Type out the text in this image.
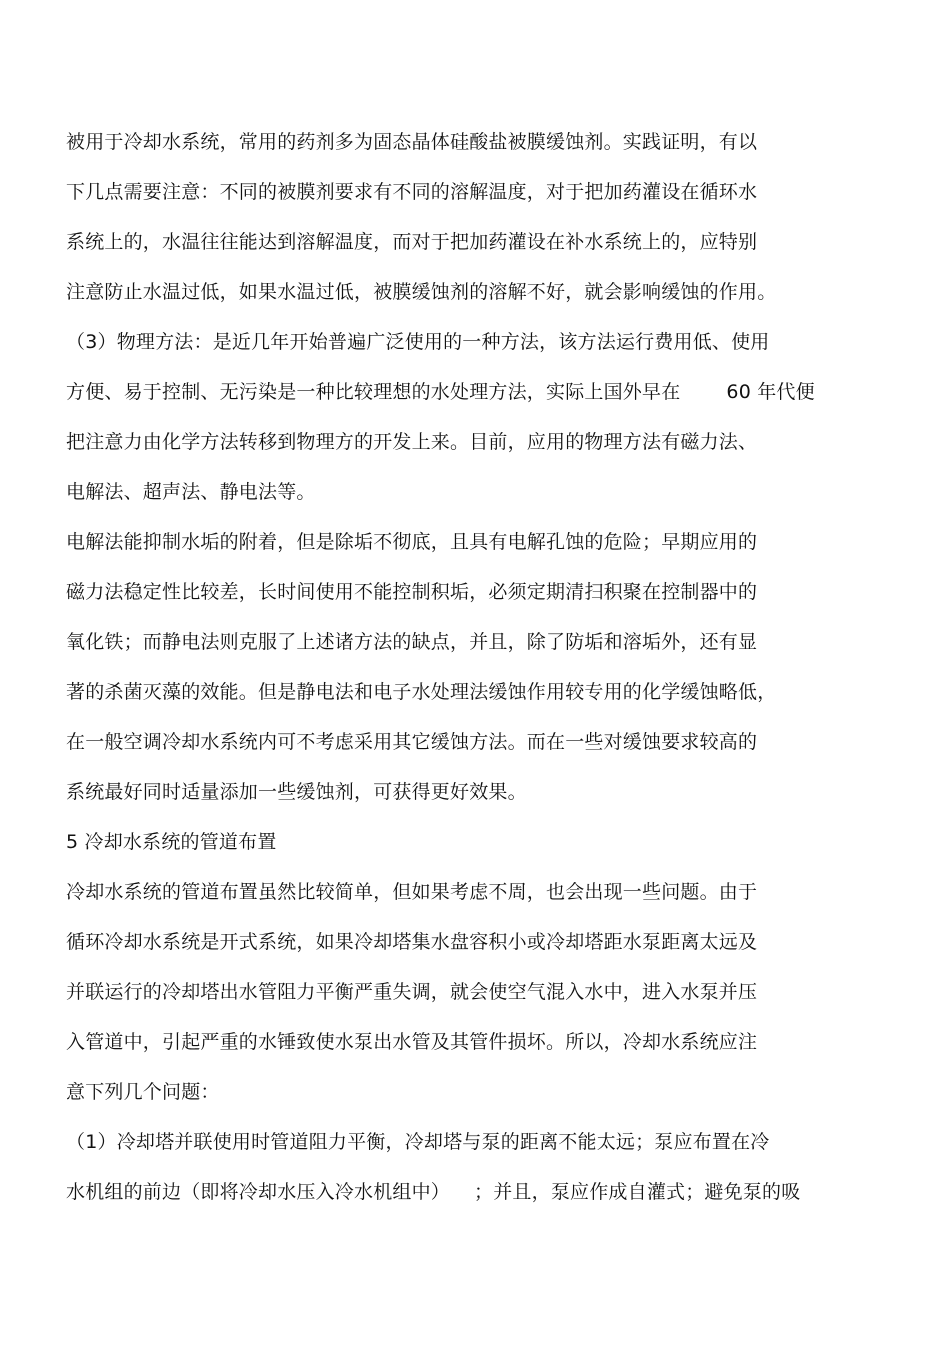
被用于冷却水系统，常用的药剂多为固态晶体硅酸盐被膜缓蚀剂。实践证明，有以
下几点需要注意：不同的被膜剂要求有不同的溶解温度，对于把加药灌设在循环水
系统上的，水温往往能达到溶解温度，而对于把加药灌设在补水系统上的，应特别
注意防止水温过低，如果水温过低，被膜缓蚀剂的溶解不好，就会影响缓蚀的作用。
（3）物理方法：是近几年开始普遍广泛使用的一种方法，该方法运行费用低、使用
方便、易于控制、无污染是一种比较理想的水处理方法，实际上国外早在 60 年代便
把注意力由化学方法转移到物理方的开发上来。目前，应用的物理方法有磁力法、
电解法、超声法、静电法等。
电解法能抑制水垢的附着，但是除垢不彻底，且具有电解孔蚀的危险；早期应用的
磁力法稳定性比较差，长时间使用不能控制积垢，必须定期清扫积聚在控制器中的
氧化铁；而静电法则克服了上述诸方法的缺点，并且，除了防垢和溶垢外，还有显
著的杀菌灭藻的效能。但是静电法和电子水处理法缓蚀作用较专用的化学缓蚀略低，
在一般空调冷却水系统内可不考虑采用其它缓蚀方法。而在一些对缓蚀要求较高的
系统最好同时适量添加一些缓蚀剂，可获得更好效果。
5 冷却水系统的管道布置
冷却水系统的管道布置虽然比较简单，但如果考虑不周，也会出现一些问题。由于
循环冷却水系统是开式系统，如果冷却塔集水盘容积小或冷却塔距水泵距离太远及
并联运行的冷却塔出水管阻力平衡严重失调，就会使空气混入水中，进入水泵并压
入管道中，引起严重的水锤致使水泵出水管及其管件损坏。所以，冷却水系统应注
意下列几个问题：
（1）冷却塔并联使用时管道阻力平衡，冷却塔与泵的距离不能太远；泵应布置在冷
水机组的前边（即将冷却水压入冷水机组中） ；并且，泵应作成自灌式；避免泵的吸
